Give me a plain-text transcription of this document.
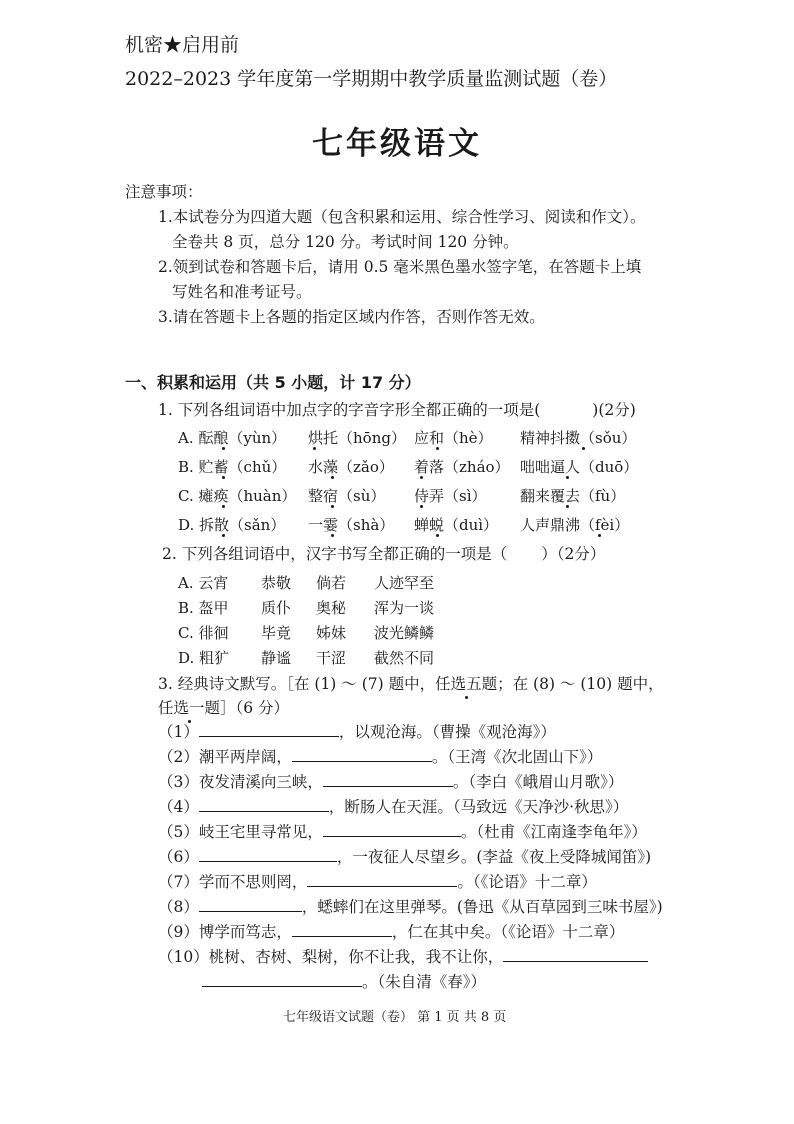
机密★启用前
2022–2023 学年度第一学期期中教学质量监测试题（卷）
七年级语文
注意事项：
1.本试卷分为四道大题（包含积累和运用、综合性学习、阅读和作文）。
全卷共 8 页，总分 120 分。考试时间 120 分钟。
2.领到试卷和答题卡后，请用 0.5 毫米黑色墨水签字笔，在答题卡上填
写姓名和准考证号。
3.请在答题卡上各题的指定区域内作答，否则作答无效。
一、积累和运用（共 5 小题，计 17 分）
1. 下列各组词语中加点字的字音字形全都正确的一项是(	)(2分)
A. 酝酿（yùn）	烘托（hōng） 应和（hè）	精神抖擞（sǒu）
B. 贮蓄（chǔ）	水藻（zǎo）	着落（zháo） 咄咄逼人（duō）
C. 瘫痪（huàn） 整宿（sù）	侍弄（sì）	翻来覆去（fù）
D. 拆散（sǎn）	一霎（shà）	蝉蜕（duì）	人声鼎沸（fèi）
2. 下列各组词语中，汉字书写全都正确的一项是（ ）（2分）
A. 云宵	恭敬	倘若	人迹罕至
B. 盔甲	质仆	奥秘	浑为一谈
C. 徘徊	毕竟	姊妹	波光鳞鳞
D. 粗犷	静谧	干涩	截然不同
3. 经典诗文默写。［在 (1) ～ (7) 题中，任选五题；在 (8) ～ (10) 题中，
任选一题］（6 分）
（1）	，以观沧海。（曹操《观沧海》）
（2）潮平两岸阔，	。（王湾《次北固山下》）
（3）夜发清溪向三峡，	。（李白《峨眉山月歌》）
（4）	，断肠人在天涯。（马致远《天净沙·秋思》）
（5）岐王宅里寻常见，	。（杜甫《江南逢李龟年》）
（6）	，一夜征人尽望乡。(李益《夜上受降城闻笛》)
（7）学而不思则罔，	。（《论语》十二章）
（8）	，蟋蟀们在这里弹琴。(鲁迅《从百草园到三味书屋》)
（9）博学而笃志，	，仁在其中矣。（《论语》十二章）
（10）桃树、杏树、梨树，你不让我，我不让你，
。（朱自清《春》）
七年级语文试题（卷） 第 1 页 共 8 页
